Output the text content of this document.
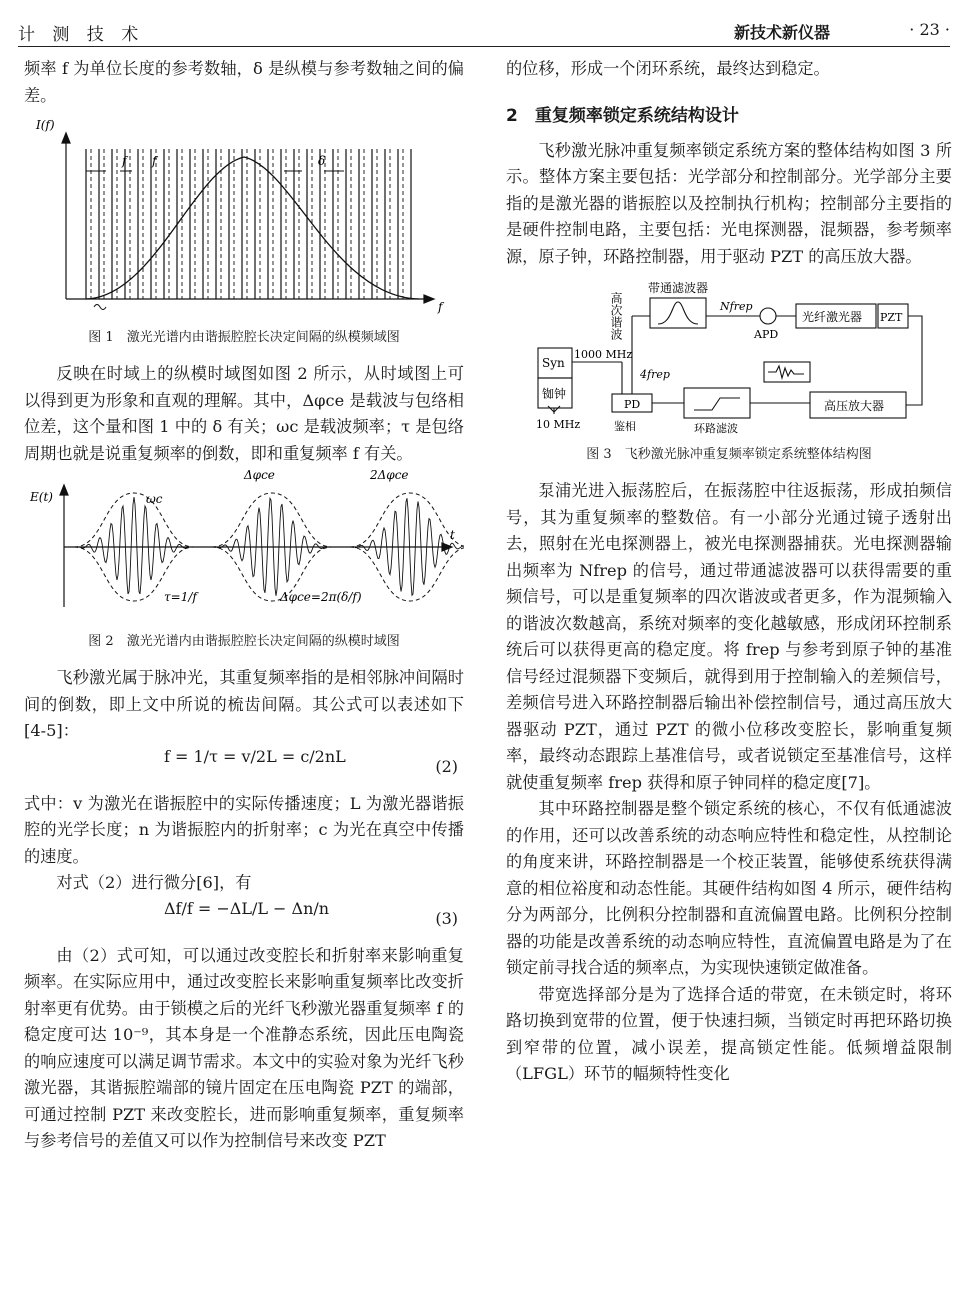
计 测 技 术	新技术新仪器	· 23 ·

频率 f 为单位长度的参考数轴，δ 是纵模与参考数轴之间的偏差。

I(f)
f f	δ
f
图 1　激光光谱内由谐振腔腔长决定间隔的纵模频域图

反映在时域上的纵模时域图如图 2 所示，从时域图上可以得到更为形象和直观的理解。其中，Δφce 是载波与包络相位差，这个量和图 1 中的 δ 有关；ωc 是载波频率；τ 是包络周期也就是说重复频率的倒数，即和重复频率 f 有关。

E(t)	ωc
Δφce	2Δφce
τ=1/f	Δφce=2π(δ/f)
t
图 2　激光光谱内由谐振腔腔长决定间隔的纵模时域图

飞秒激光属于脉冲光，其重复频率指的是相邻脉冲间隔时间的倒数，即上文中所说的梳齿间隔。其公式可以表述如下[4-5]：

f = 1/τ = v/2L = c/2nL
(2)

式中：v 为激光在谐振腔中的实际传播速度；L 为激光器谐振腔的光学长度；n 为谐振腔内的折射率；c 为光在真空中传播的速度。

对式（2）进行微分[6]，有

Δf/f = −ΔL/L − Δn/n
(3)

由（2）式可知，可以通过改变腔长和折射率来影响重复频率。在实际应用中，通过改变腔长来影响重复频率比改变折射率更有优势。由于锁模之后的光纤飞秒激光器重复频率 f 的稳定度可达 10⁻⁹，其本身是一个准静态系统，因此压电陶瓷的响应速度可以满足调节需求。本文中的实验对象为光纤飞秒激光器，其谐振腔端部的镜片固定在压电陶瓷 PZT 的端部，可通过控制 PZT 来改变腔长，进而影响重复频率，重复频率与参考信号的差值又可以作为控制信号来改变 PZT

的位移，形成一个闭环系统，最终达到稳定。

2　重复频率锁定系统结构设计

飞秒激光脉冲重复频率锁定系统方案的整体结构如图 3 所示。整体方案主要包括：光学部分和控制部分。光学部分主要指的是激光器的谐振腔以及控制执行机构；控制部分主要指的是硬件控制电路，主要包括：光电探测器，混频器，参考频率源，原子钟，环路控制器，用于驱动 PZT 的高压放大器。

高次谐波
带通滤波器
Nfrep
APD
光纤激光器 PZT
Syn
1000 MHz
4frep
铷钟
10 MHz
PD
鉴相	环路滤波
高压放大器
图 3　飞秒激光脉冲重复频率锁定系统整体结构图

泵浦光进入振荡腔后，在振荡腔中往返振荡，形成拍频信号，其为重复频率的整数倍。有一小部分光通过镜子透射出去，照射在光电探测器上，被光电探测器捕获。光电探测器输出频率为 Nfrep 的信号，通过带通滤波器可以获得需要的重频信号，可以是重复频率的四次谐波或者更多，作为混频输入的谐波次数越高，系统对频率的变化越敏感，形成闭环控制系统后可以获得更高的稳定度。将 frep 与参考到原子钟的基准信号经过混频器下变频后，就得到用于控制输入的差频信号，差频信号进入环路控制器后输出补偿控制信号，通过高压放大器驱动 PZT，通过 PZT 的微小位移改变腔长，影响重复频率，最终动态跟踪上基准信号，或者说锁定至基准信号，这样就使重复频率 frep 获得和原子钟同样的稳定度[7]。

其中环路控制器是整个锁定系统的核心，不仅有低通滤波的作用，还可以改善系统的动态响应特性和稳定性，从控制论的角度来讲，环路控制器是一个校正装置，能够使系统获得满意的相位裕度和动态性能。其硬件结构如图 4 所示，硬件结构分为两部分，比例积分控制器和直流偏置电路。比例积分控制器的功能是改善系统的动态响应特性，直流偏置电路是为了在锁定前寻找合适的频率点，为实现快速锁定做准备。

带宽选择部分是为了选择合适的带宽，在未锁定时，将环路切换到宽带的位置，便于快速扫频，当锁定时再把环路切换到窄带的位置，减小误差，提高锁定性能。低频增益限制（LFGL）环节的幅频特性变化
